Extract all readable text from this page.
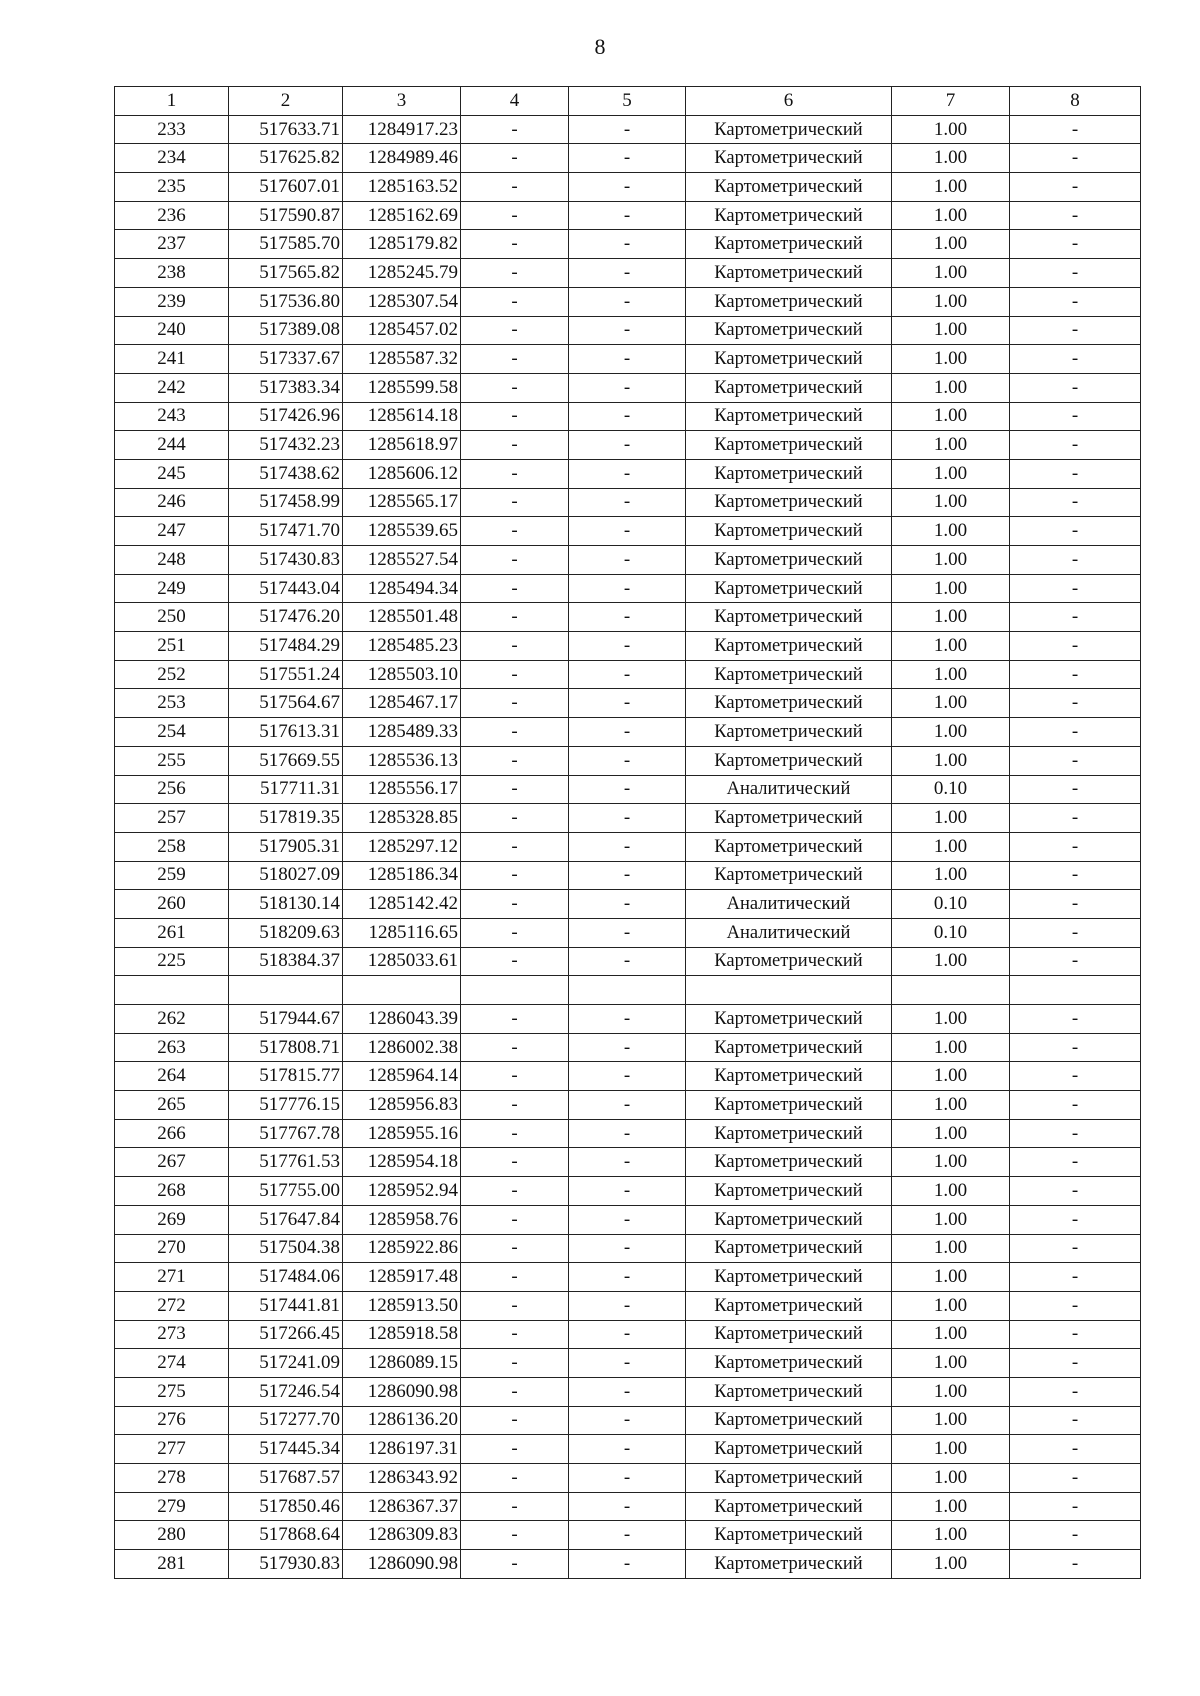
8
1	2	3	4	5	6	7	8
233	517633.71	1284917.23	-	-	Картометрический	1.00	-
234	517625.82	1284989.46	-	-	Картометрический	1.00	-
235	517607.01	1285163.52	-	-	Картометрический	1.00	-
236	517590.87	1285162.69	-	-	Картометрический	1.00	-
237	517585.70	1285179.82	-	-	Картометрический	1.00	-
238	517565.82	1285245.79	-	-	Картометрический	1.00	-
239	517536.80	1285307.54	-	-	Картометрический	1.00	-
240	517389.08	1285457.02	-	-	Картометрический	1.00	-
241	517337.67	1285587.32	-	-	Картометрический	1.00	-
242	517383.34	1285599.58	-	-	Картометрический	1.00	-
243	517426.96	1285614.18	-	-	Картометрический	1.00	-
244	517432.23	1285618.97	-	-	Картометрический	1.00	-
245	517438.62	1285606.12	-	-	Картометрический	1.00	-
246	517458.99	1285565.17	-	-	Картометрический	1.00	-
247	517471.70	1285539.65	-	-	Картометрический	1.00	-
248	517430.83	1285527.54	-	-	Картометрический	1.00	-
249	517443.04	1285494.34	-	-	Картометрический	1.00	-
250	517476.20	1285501.48	-	-	Картометрический	1.00	-
251	517484.29	1285485.23	-	-	Картометрический	1.00	-
252	517551.24	1285503.10	-	-	Картометрический	1.00	-
253	517564.67	1285467.17	-	-	Картометрический	1.00	-
254	517613.31	1285489.33	-	-	Картометрический	1.00	-
255	517669.55	1285536.13	-	-	Картометрический	1.00	-
256	517711.31	1285556.17	-	-	Аналитический	0.10	-
257	517819.35	1285328.85	-	-	Картометрический	1.00	-
258	517905.31	1285297.12	-	-	Картометрический	1.00	-
259	518027.09	1285186.34	-	-	Картометрический	1.00	-
260	518130.14	1285142.42	-	-	Аналитический	0.10	-
261	518209.63	1285116.65	-	-	Аналитический	0.10	-
225	518384.37	1285033.61	-	-	Картометрический	1.00	-

262	517944.67	1286043.39	-	-	Картометрический	1.00	-
263	517808.71	1286002.38	-	-	Картометрический	1.00	-
264	517815.77	1285964.14	-	-	Картометрический	1.00	-
265	517776.15	1285956.83	-	-	Картометрический	1.00	-
266	517767.78	1285955.16	-	-	Картометрический	1.00	-
267	517761.53	1285954.18	-	-	Картометрический	1.00	-
268	517755.00	1285952.94	-	-	Картометрический	1.00	-
269	517647.84	1285958.76	-	-	Картометрический	1.00	-
270	517504.38	1285922.86	-	-	Картометрический	1.00	-
271	517484.06	1285917.48	-	-	Картометрический	1.00	-
272	517441.81	1285913.50	-	-	Картометрический	1.00	-
273	517266.45	1285918.58	-	-	Картометрический	1.00	-
274	517241.09	1286089.15	-	-	Картометрический	1.00	-
275	517246.54	1286090.98	-	-	Картометрический	1.00	-
276	517277.70	1286136.20	-	-	Картометрический	1.00	-
277	517445.34	1286197.31	-	-	Картометрический	1.00	-
278	517687.57	1286343.92	-	-	Картометрический	1.00	-
279	517850.46	1286367.37	-	-	Картометрический	1.00	-
280	517868.64	1286309.83	-	-	Картометрический	1.00	-
281	517930.83	1286090.98	-	-	Картометрический	1.00	-
